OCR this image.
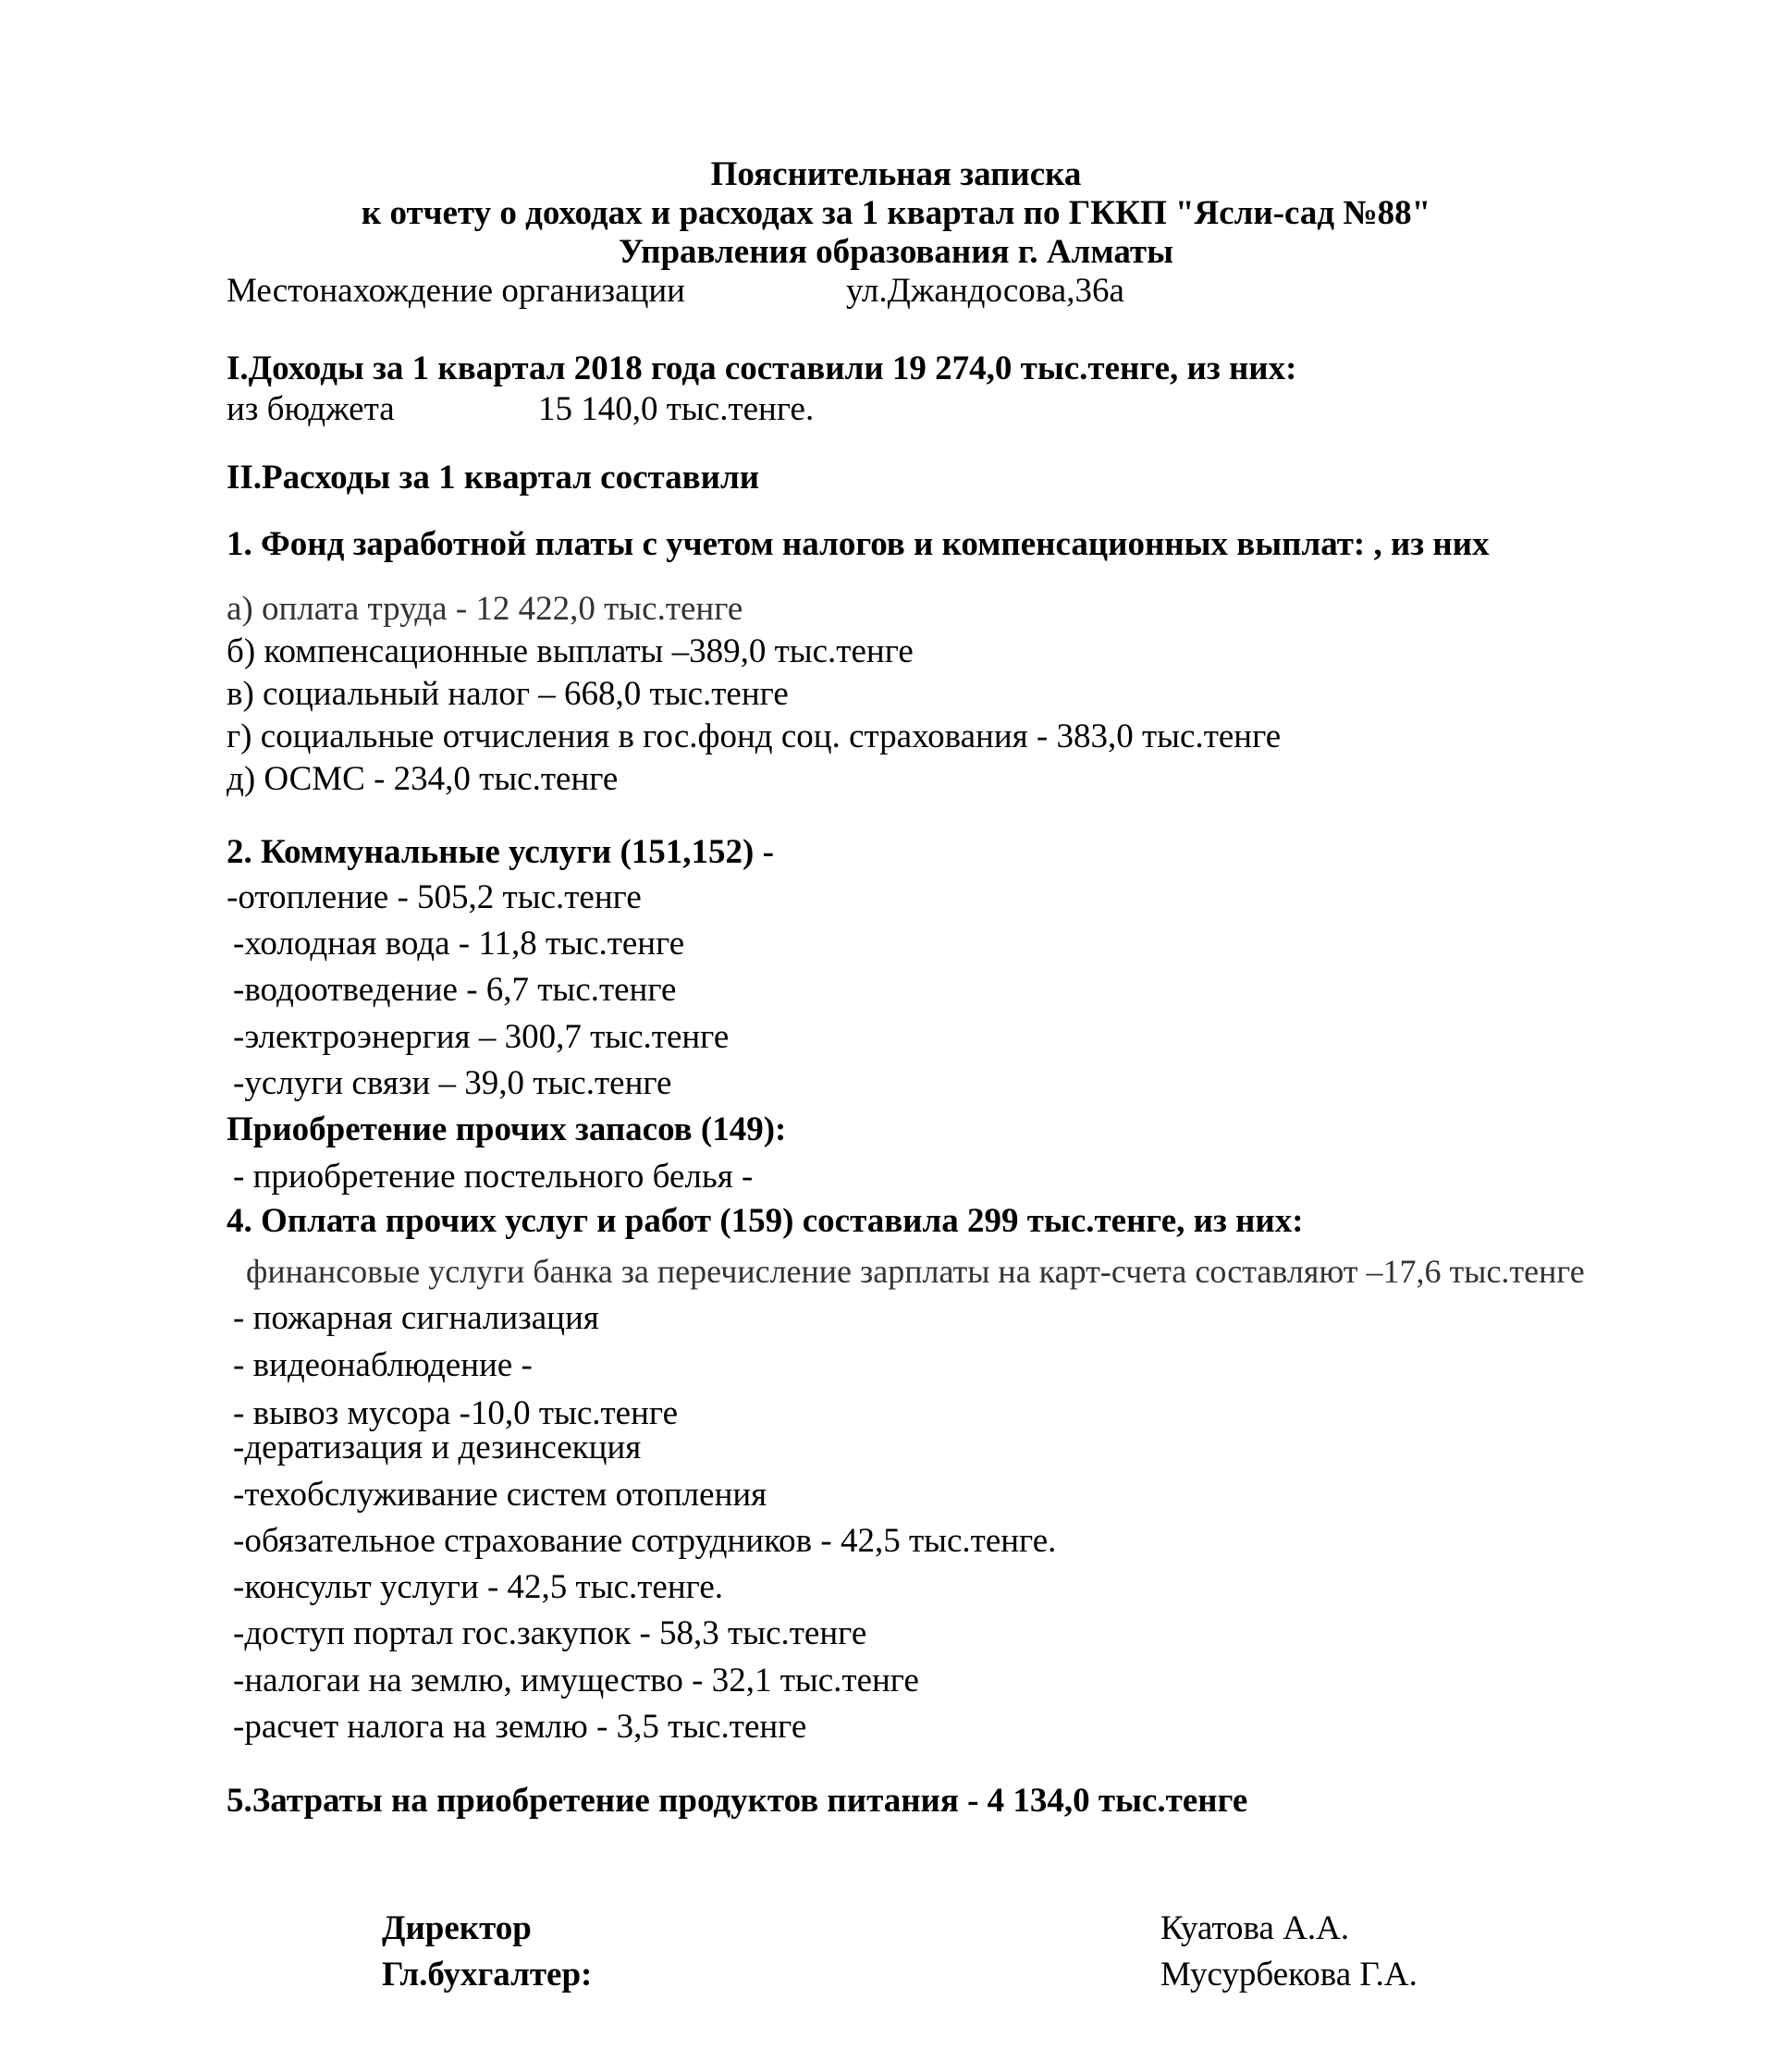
Пояснительная записка
к отчету о доходах и расходах за 1 квартал по ГККП "Ясли-сад №88"
Управления образования г. Алматы
Местонахождение организации	ул.Джандосова,36а
I.Доходы за 1 квартал 2018 года составили 19 274,0 тыс.тенге, из них:
из бюджета	15 140,0 тыс.тенге.
II.Расходы за 1 квартал составили
1. Фонд заработной платы с учетом налогов и компенсационных выплат: , из них
а) оплата труда - 12 422,0 тыс.тенге
б) компенсационные выплаты –389,0 тыс.тенге
в) социальный налог – 668,0 тыс.тенге
г) социальные отчисления в гос.фонд соц. страхования - 383,0 тыс.тенге
д) ОСМС - 234,0 тыс.тенге
2. Коммунальные услуги (151,152) -
-отопление - 505,2 тыс.тенге
-холодная вода - 11,8 тыс.тенге
-водоотведение - 6,7 тыс.тенге
-электроэнергия – 300,7 тыс.тенге
-услуги связи – 39,0 тыс.тенге
Приобретение прочих запасов (149):
- приобретение постельного белья -
4. Оплата прочих услуг и работ (159) составила 299 тыс.тенге, из них:
финансовые услуги банка за перечисление зарплаты на карт-счета составляют –17,6 тыс.тенге
- пожарная сигнализация
- видеонаблюдение -
- вывоз мусора -10,0 тыс.тенге
-дератизация и дезинсекция
-техобслуживание систем отопления
-обязательное страхование сотрудников - 42,5 тыс.тенге.
-консульт услуги - 42,5 тыс.тенге.
-доступ портал гос.закупок - 58,3 тыс.тенге
-налогаи на землю, имущество - 32,1 тыс.тенге
-расчет налога на землю - 3,5 тыс.тенге
5.Затраты на приобретение продуктов питания - 4 134,0 тыс.тенге
Директор	Куатова А.А.
Гл.бухгалтер:	Мусурбекова Г.А.
